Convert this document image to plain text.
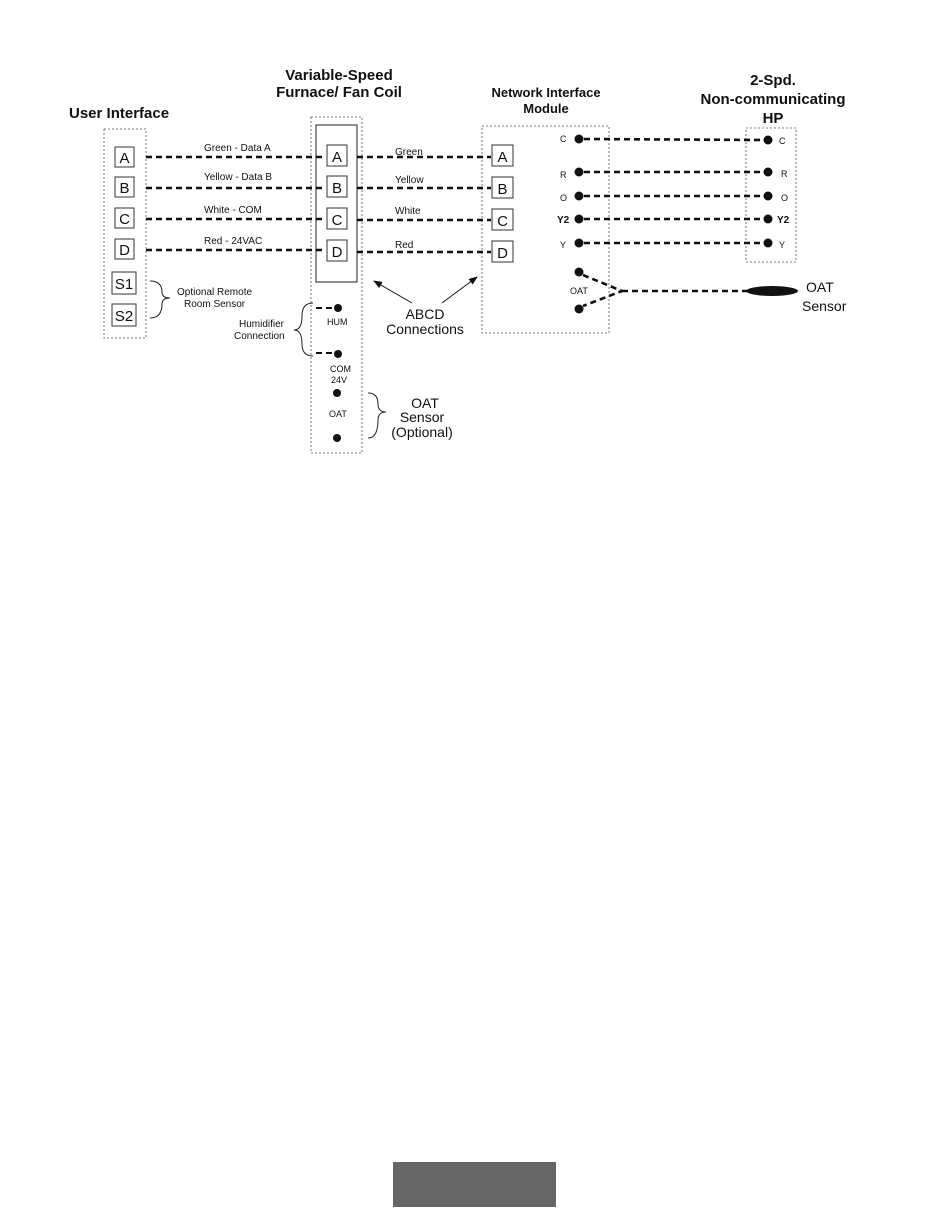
User Interface
Variable-Speed
Furnace/ Fan Coil	Network Interface
Module
2-Spd.
Non-communicating
HP
A
B
C
D
S1
S2
A
B
C
D
A
B
C
D
Green - Data A
Yellow - Data B
White - COM
Red - 24VAC
Green
Yellow
White
Red
C
R
O
Y2
Y
C
R
O
Y2
Y
OAT	OAT
Sensor
Optional Remote
Room Sensor
HUM
COM
24V
OAT
Humidifier
Connection
OAT
Sensor
(Optional)
ABCD
Connections
